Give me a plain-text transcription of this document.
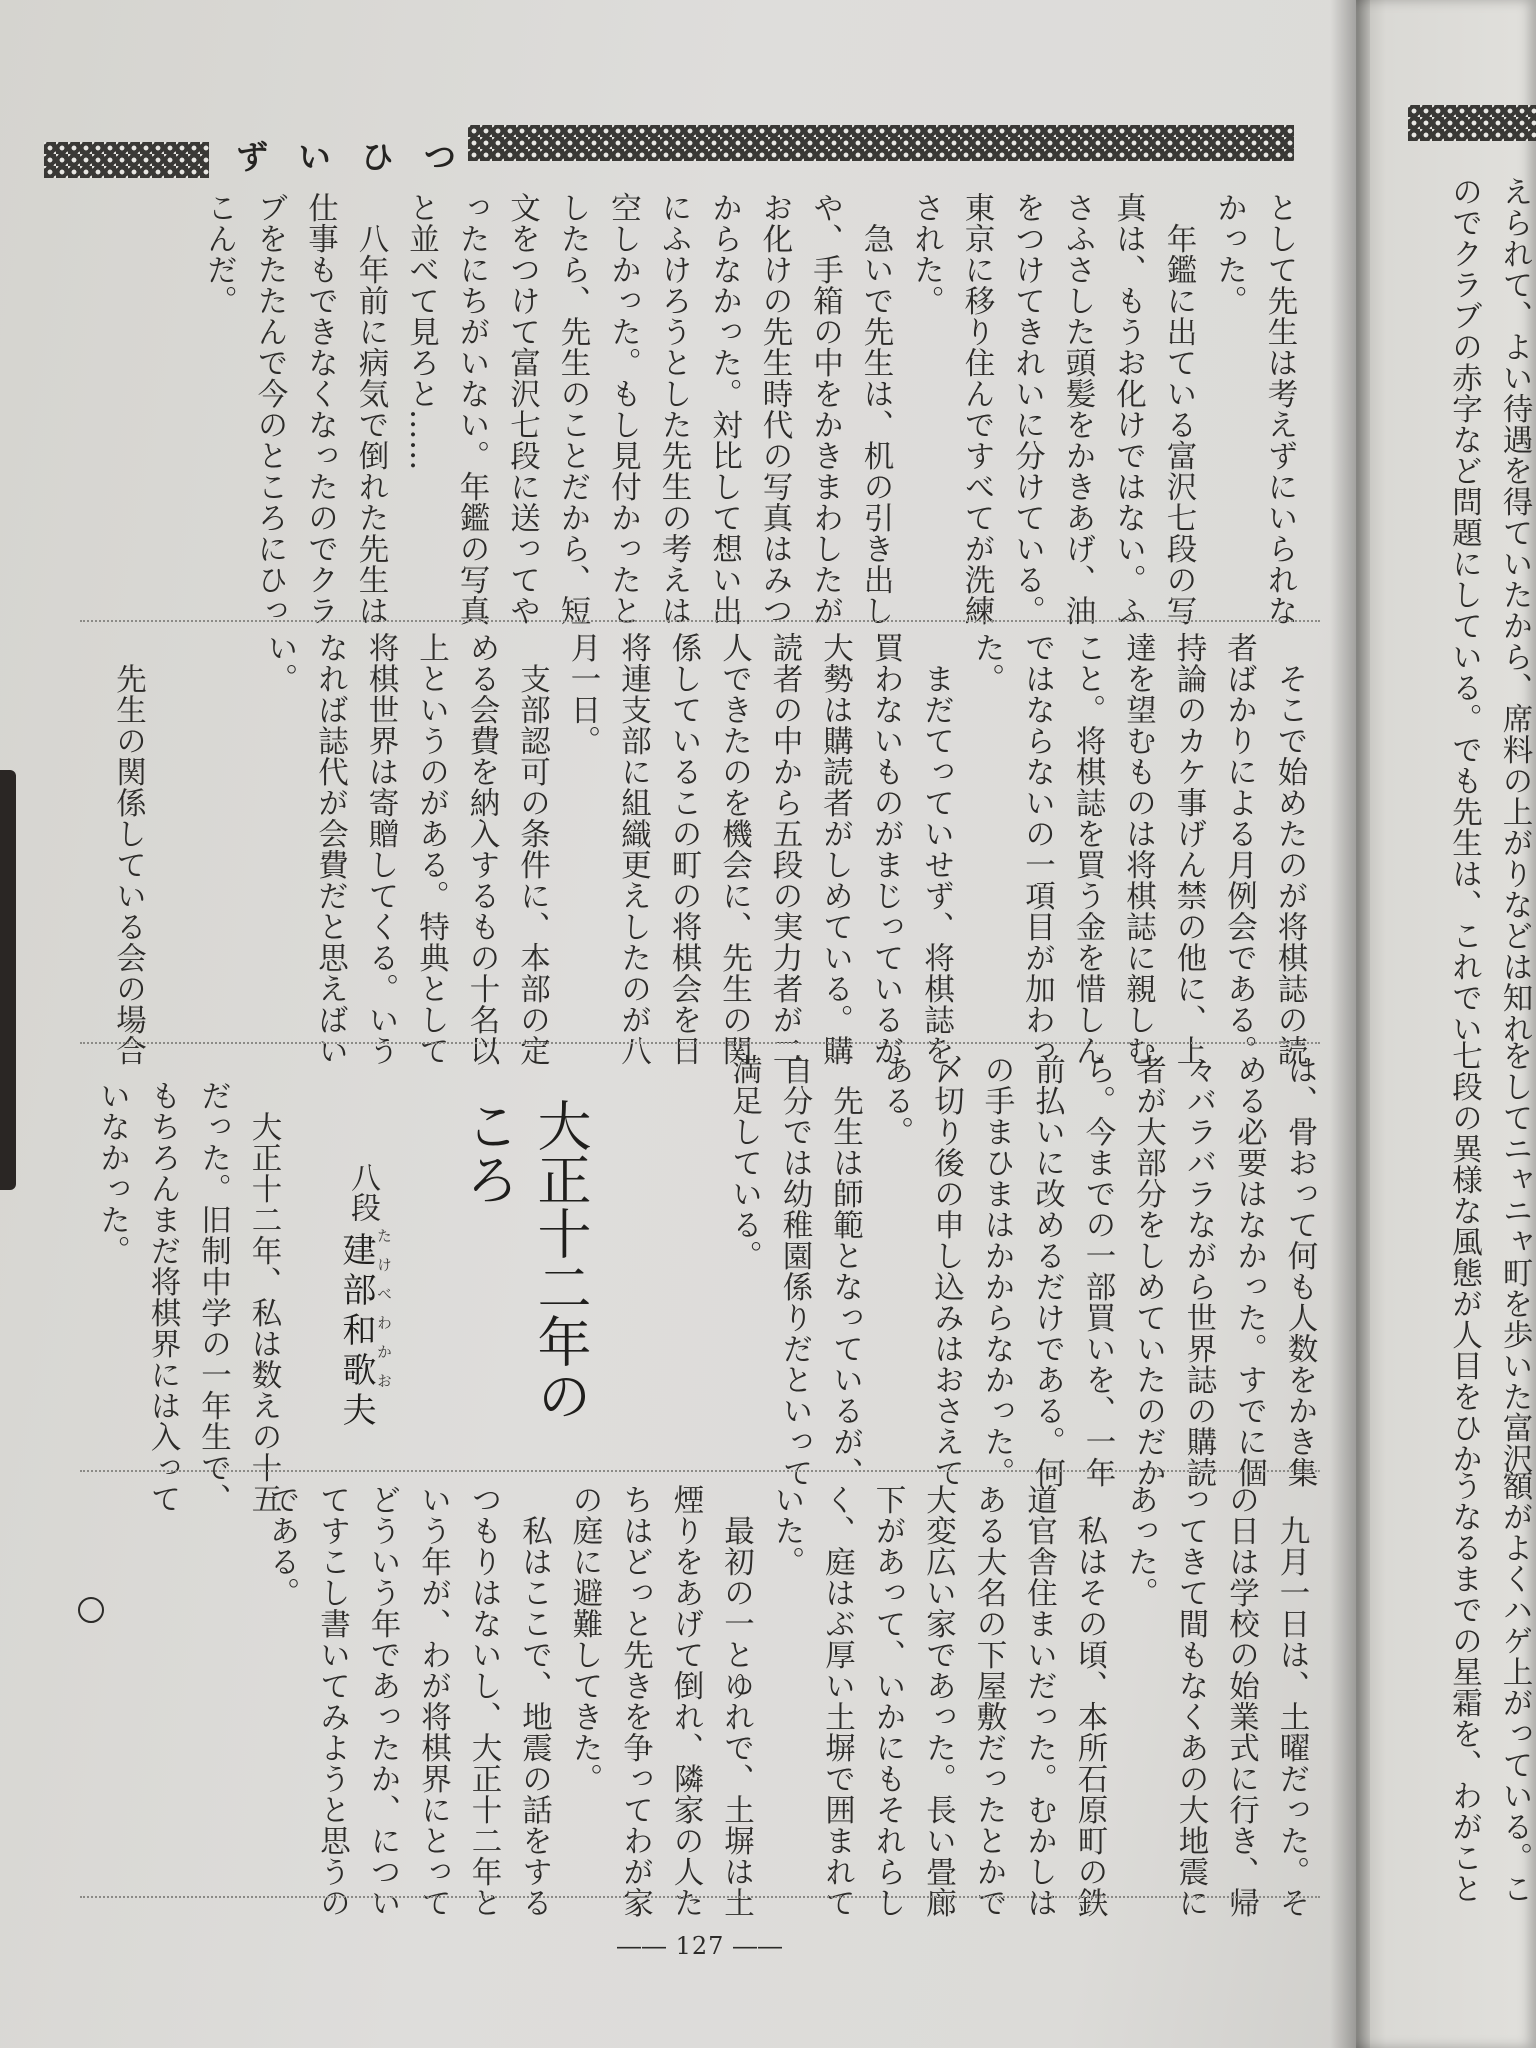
ず い ひ つ

として先生は考えずにいられな
かった。
　年鑑に出ている富沢七段の写
真は、もうお化けではない。ふ
さふさした頭髪をかきあげ、油
をつけてきれいに分けている。
東京に移り住んですべてが洗練
された。
　急いで先生は、机の引き出し
や、手箱の中をかきまわしたが
お化けの先生時代の写真はみつ
からなかった。対比して想い出
にふけろうとした先生の考えは
空しかった。もし見付かったと
したら、先生のことだから、短
文をつけて富沢七段に送ってや
ったにちがいない。年鑑の写真
と並べて見ろと……
　八年前に病気で倒れた先生は
仕事もできなくなったのでクラ
ブをたたんで今のところにひっ
こんだ。

　そこで始めたのが将棋誌の読
者ばかりによる月例会である。
持論のカケ事げん禁の他に、上
達を望むものは将棋誌に親しむ
こと。将棋誌を買う金を惜しん
ではならないの一項目が加わっ
た。
　まだてっていせず、将棋誌を
買わないものがまじっているが
大勢は購読者がしめている。購
読者の中から五段の実力者が二
人できたのを機会に、先生の関
係しているこの町の将棋会を日
将連支部に組織更えしたのが八
月一日。
　支部認可の条件に、本部の定
める会費を納入するもの十名以
上というのがある。特典として
将棋世界は寄贈してくる。いう
なれば誌代が会費だと思えばい
い。

　先生の関係している会の場合

は、骨おって何も人数をかき集
める必要はなかった。すでに個
々バラバラながら世界誌の購読
者が大部分をしめていたのだか
ら。今までの一部買いを、一年
前払いに改めるだけである。何
の手まひまはかからなかった。
〆切り後の申し込みはおさえて
ある。
　先生は師範となっているが、
自分では幼稚園係りだといって
満足している。

大正十二年の
ころ

八段
建部和歌夫 たけべわかお

　大正十二年、私は数えの十五
だった。旧制中学の一年生で、
もちろんまだ将棋界には入って
いなかった。

　九月一日は、土曜だった。そ
の日は学校の始業式に行き、帰
ってきて間もなくあの大地震に
あった。
　私はその頃、本所石原町の鉄
道官舎住まいだった。むかしは
ある大名の下屋敷だったとかで
大変広い家であった。長い畳廊
下があって、いかにもそれらし
く、庭はぶ厚い土塀で囲まれて
いた。
　最初の一とゆれで、土塀は土
煙りをあげて倒れ、隣家の人た
ちはどっと先きを争ってわが家
の庭に避難してきた。
　私はここで、地震の話をする
つもりはないし、大正十二年と
いう年が、わが将棋界にとって
どういう年であったか、につい
てすこし書いてみようと思うの
である。

えられて、よい待遇を得ていた
のでクラブの赤字など問題にし

から、席料の上がりなどは知れ
ている。でも先生は、これでい

をしてニャニャ町を歩いた富沢
七段の異様な風態が人目をひか

額がよくハゲ上がっている。こ
うなるまでの星霜を、わがこと

―― 127 ――
